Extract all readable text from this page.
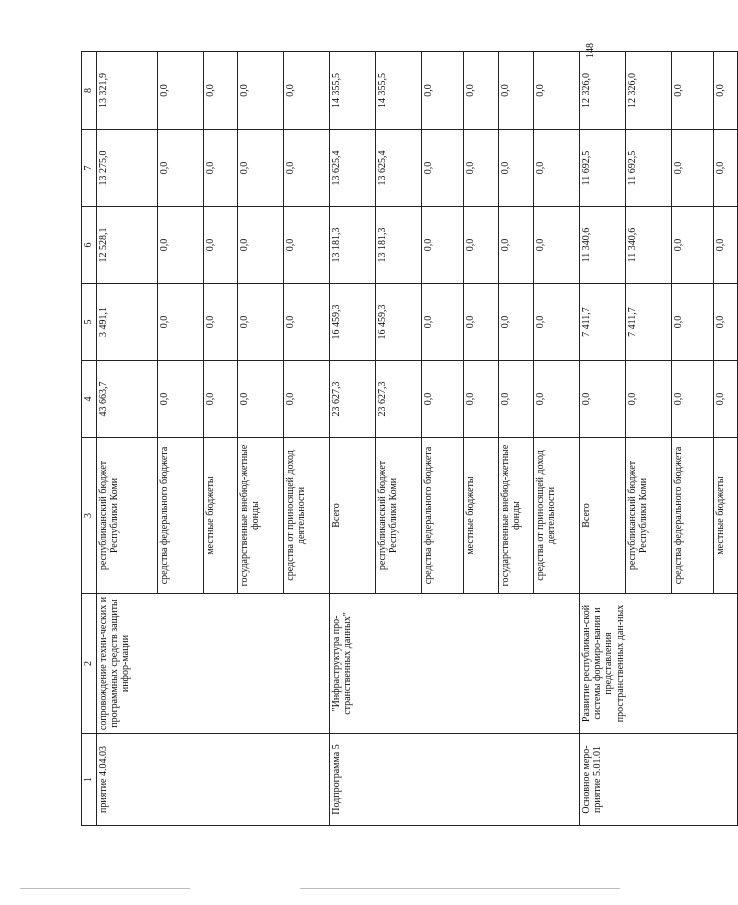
148
1	2	3	4	5	6	7	8
приятие 4.04.03	сопровождение техни-ческих и программных средств защиты инфор-мации	республиканский бюджет Республики Коми	43 663,7	3 491,1	12 528,1	13 275,0	13 321,9
		средства федерального бюджета	0,0	0,0	0,0	0,0	0,0
		местные бюджеты	0,0	0,0	0,0	0,0	0,0
		государственные внебюд-жетные фонды	0,0	0,0	0,0	0,0	0,0
		средства от приносящей доход деятельности	0,0	0,0	0,0	0,0	0,0
Подпрограмма 5	"Инфраструктура про-странственных данных"	Всего	23 627,3	16 459,3	13 181,3	13 625,4	14 355,5
		республиканский бюджет Республики Коми	23 627,3	16 459,3	13 181,3	13 625,4	14 355,5
		средства федерального бюджета	0,0	0,0	0,0	0,0	0,0
		местные бюджеты	0,0	0,0	0,0	0,0	0,0
		государственные внебюд-жетные фонды	0,0	0,0	0,0	0,0	0,0
		средства от приносящей доход деятельности	0,0	0,0	0,0	0,0	0,0
Основное меро-приятие 5.01.01	Развитие республикан-ской системы формиро-вания и представления пространственных дан-ных	Всего	0,0	7 411,7	11 340,6	11 692,5	12 326,0
		республиканский бюджет Республики Коми	0,0	7 411,7	11 340,6	11 692,5	12 326,0
		средства федерального бюджета	0,0	0,0	0,0	0,0	0,0
		местные бюджеты	0,0	0,0	0,0	0,0	0,0
